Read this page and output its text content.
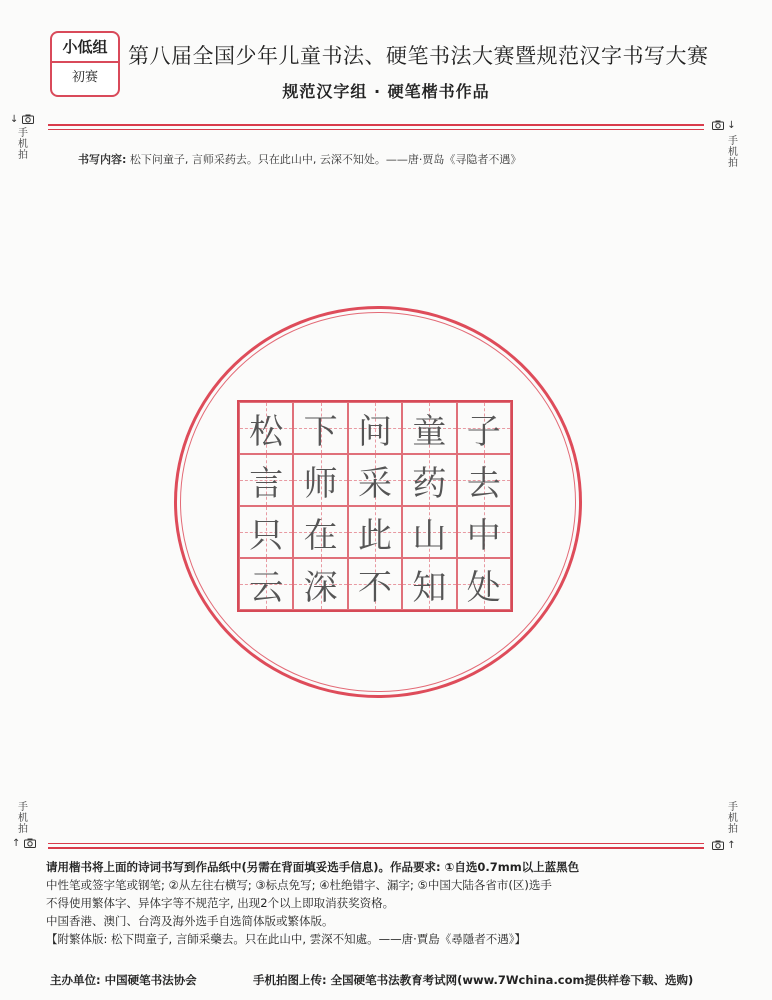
小低组
初赛
第八届全国少年儿童书法、硬笔书法大赛暨规范汉字书写大赛
规范汉字组 · 硬笔楷书作品
↓
手
机
拍
↓
手
机
拍
书写内容: 松下问童子, 言师采药去。只在此山中, 云深不知处。——唐·贾岛《寻隐者不遇》
松 下 问 童 子
言 师 采 药 去
只 在 此 山 中
云 深 不 知 处
手
机
拍
↑
手
机
拍
↑
请用楷书将上面的诗词书写到作品纸中(另需在背面填妥选手信息)。作品要求: ①自选0.7mm以上蓝黑色
中性笔或签字笔或钢笔; ②从左往右横写; ③标点免写; ④杜绝错字、漏字; ⑤中国大陆各省市(区)选手
不得使用繁体字、异体字等不规范字, 出现2个以上即取消获奖资格。
中国香港、澳门、台湾及海外选手自选简体版或繁体版。
【附繁体版: 松下問童子, 言師采藥去。只在此山中, 雲深不知處。——唐·賈島《尋隱者不遇》】
主办单位: 中国硬笔书法协会	手机拍图上传: 全国硬笔书法教育考试网(www.7Wchina.com提供样卷下载、选购)
